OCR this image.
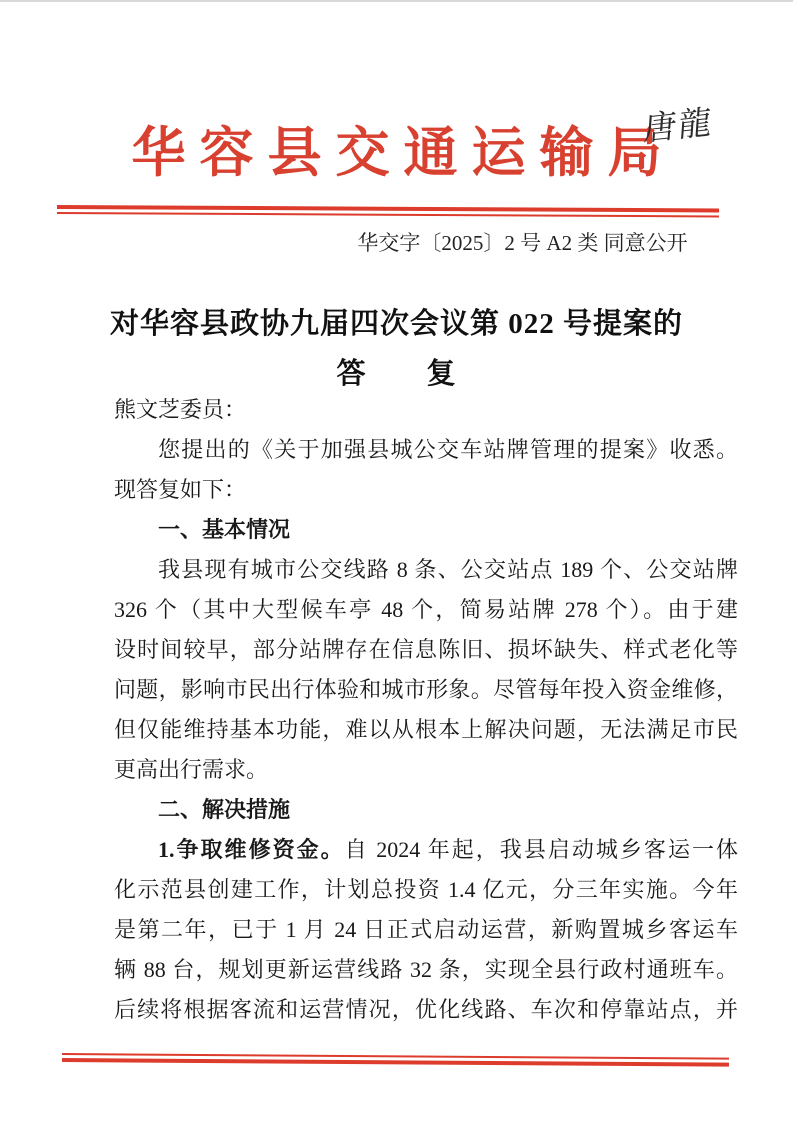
华容县交通运输局
唐龍
华交字〔2025〕2 号 A2 类 同意公开
对华容县政协九届四次会议第 022 号提案的
答　　复
熊文芝委员：
您提出的《关于加强县城公交车站牌管理的提案》收悉。
现答复如下：
一、基本情况
我县现有城市公交线路 8 条、公交站点 189 个、公交站牌
326 个（其中大型候车亭 48 个，简易站牌 278 个）。由于建
设时间较早，部分站牌存在信息陈旧、损坏缺失、样式老化等
问题，影响市民出行体验和城市形象。尽管每年投入资金维修，
但仅能维持基本功能，难以从根本上解决问题，无法满足市民
更高出行需求。
二、解决措施
1.争取维修资金。自 2024 年起，我县启动城乡客运一体
化示范县创建工作，计划总投资 1.4 亿元，分三年实施。今年
是第二年，已于 1 月 24 日正式启动运营，新购置城乡客运车
辆 88 台，规划更新运营线路 32 条，实现全县行政村通班车。
后续将根据客流和运营情况，优化线路、车次和停靠站点，并
